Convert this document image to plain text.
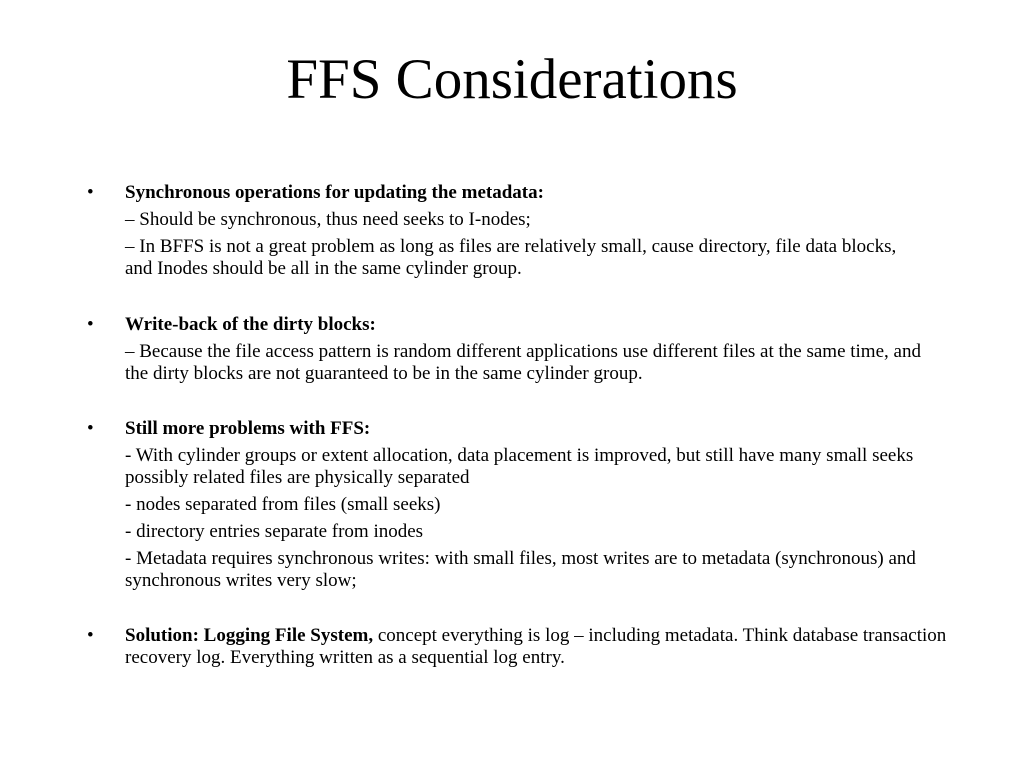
FFS Considerations
•	Synchronous operations for updating the metadata:
– Should be synchronous, thus need seeks to I-nodes;
– In BFFS is not a great problem as long as files are relatively small, cause directory, file data blocks, and Inodes should be all in the same cylinder group.
•	Write-back of the dirty blocks:
– Because the file access pattern is random different applications use different files at the same time, and the dirty blocks are not guaranteed to be in the same cylinder group.
•	Still more problems with FFS:
- With cylinder groups or extent allocation, data placement is improved, but still have many small seeks possibly related files are physically separated
- nodes separated from files (small seeks)
- directory entries separate from inodes
- Metadata requires synchronous writes: with small files, most writes are to metadata (synchronous) and synchronous writes very slow;
•	Solution: Logging File System, concept everything is log – including metadata. Think database transaction recovery log. Everything written as a sequential log entry.
